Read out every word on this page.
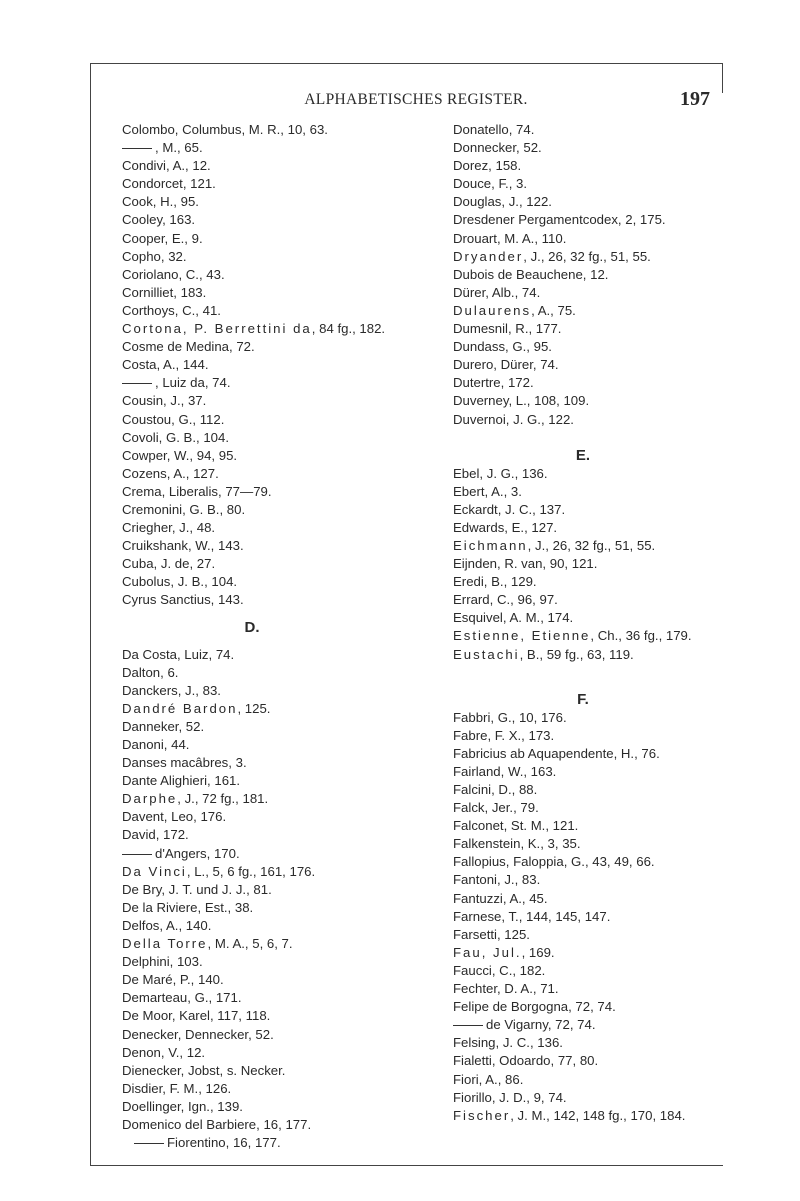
ALPHABETISCHES REGISTER.	197
Colombo, Columbus, M. R., 10, 63.
, M., 65.
Condivi, A., 12.
Condorcet, 121.
Cook, H., 95.
Cooley, 163.
Cooper, E., 9.
Copho, 32.
Coriolano, C., 43.
Cornilliet, 183.
Corthoys, C., 41.
Cortona, P. Berrettini da, 84 fg., 182.
Cosme de Medina, 72.
Costa, A., 144.
, Luiz da, 74.
Cousin, J., 37.
Coustou, G., 112.
Covoli, G. B., 104.
Cowper, W., 94, 95.
Cozens, A., 127.
Crema, Liberalis, 77—79.
Cremonini, G. B., 80.
Criegher, J., 48.
Cruikshank, W., 143.
Cuba, J. de, 27.
Cubolus, J. B., 104.
Cyrus Sanctius, 143.
D.
Da Costa, Luiz, 74.
Dalton, 6.
Danckers, J., 83.
Dandré Bardon, 125.
Danneker, 52.
Danoni, 44.
Danses macâbres, 3.
Dante Alighieri, 161.
Darphe, J., 72 fg., 181.
Davent, Leo, 176.
David, 172.
d'Angers, 170.
Da Vinci, L., 5, 6 fg., 161, 176.
De Bry, J. T. und J. J., 81.
De la Riviere, Est., 38.
Delfos, A., 140.
Della Torre, M. A., 5, 6, 7.
Delphini, 103.
De Maré, P., 140.
Demarteau, G., 171.
De Moor, Karel, 117, 118.
Denecker, Dennecker, 52.
Denon, V., 12.
Dienecker, Jobst, s. Necker.
Disdier, F. M., 126.
Doellinger, Ign., 139.
Domenico del Barbiere, 16, 177.
Fiorentino, 16, 177.
Donatello, 74.
Donnecker, 52.
Dorez, 158.
Douce, F., 3.
Douglas, J., 122.
Dresdener Pergamentcodex, 2, 175.
Drouart, M. A., 110.
Dryander, J., 26, 32 fg., 51, 55.
Dubois de Beauchene, 12.
Dürer, Alb., 74.
Dulaurens, A., 75.
Dumesnil, R., 177.
Dundass, G., 95.
Durero, Dürer, 74.
Dutertre, 172.
Duverney, L., 108, 109.
Duvernoi, J. G., 122.
E.
Ebel, J. G., 136.
Ebert, A., 3.
Eckardt, J. C., 137.
Edwards, E., 127.
Eichmann, J., 26, 32 fg., 51, 55.
Eijnden, R. van, 90, 121.
Eredi, B., 129.
Errard, C., 96, 97.
Esquivel, A. M., 174.
Estienne, Etienne, Ch., 36 fg., 179.
Eustachi, B., 59 fg., 63, 119.
F.
Fabbri, G., 10, 176.
Fabre, F. X., 173.
Fabricius ab Aquapendente, H., 76.
Fairland, W., 163.
Falcini, D., 88.
Falck, Jer., 79.
Falconet, St. M., 121.
Falkenstein, K., 3, 35.
Fallopius, Faloppia, G., 43, 49, 66.
Fantoni, J., 83.
Fantuzzi, A., 45.
Farnese, T., 144, 145, 147.
Farsetti, 125.
Fau, Jul., 169.
Faucci, C., 182.
Fechter, D. A., 71.
Felipe de Borgogna, 72, 74.
de Vigarny, 72, 74.
Felsing, J. C., 136.
Fialetti, Odoardo, 77, 80.
Fiori, A., 86.
Fiorillo, J. D., 9, 74.
Fischer, J. M., 142, 148 fg., 170, 184.
